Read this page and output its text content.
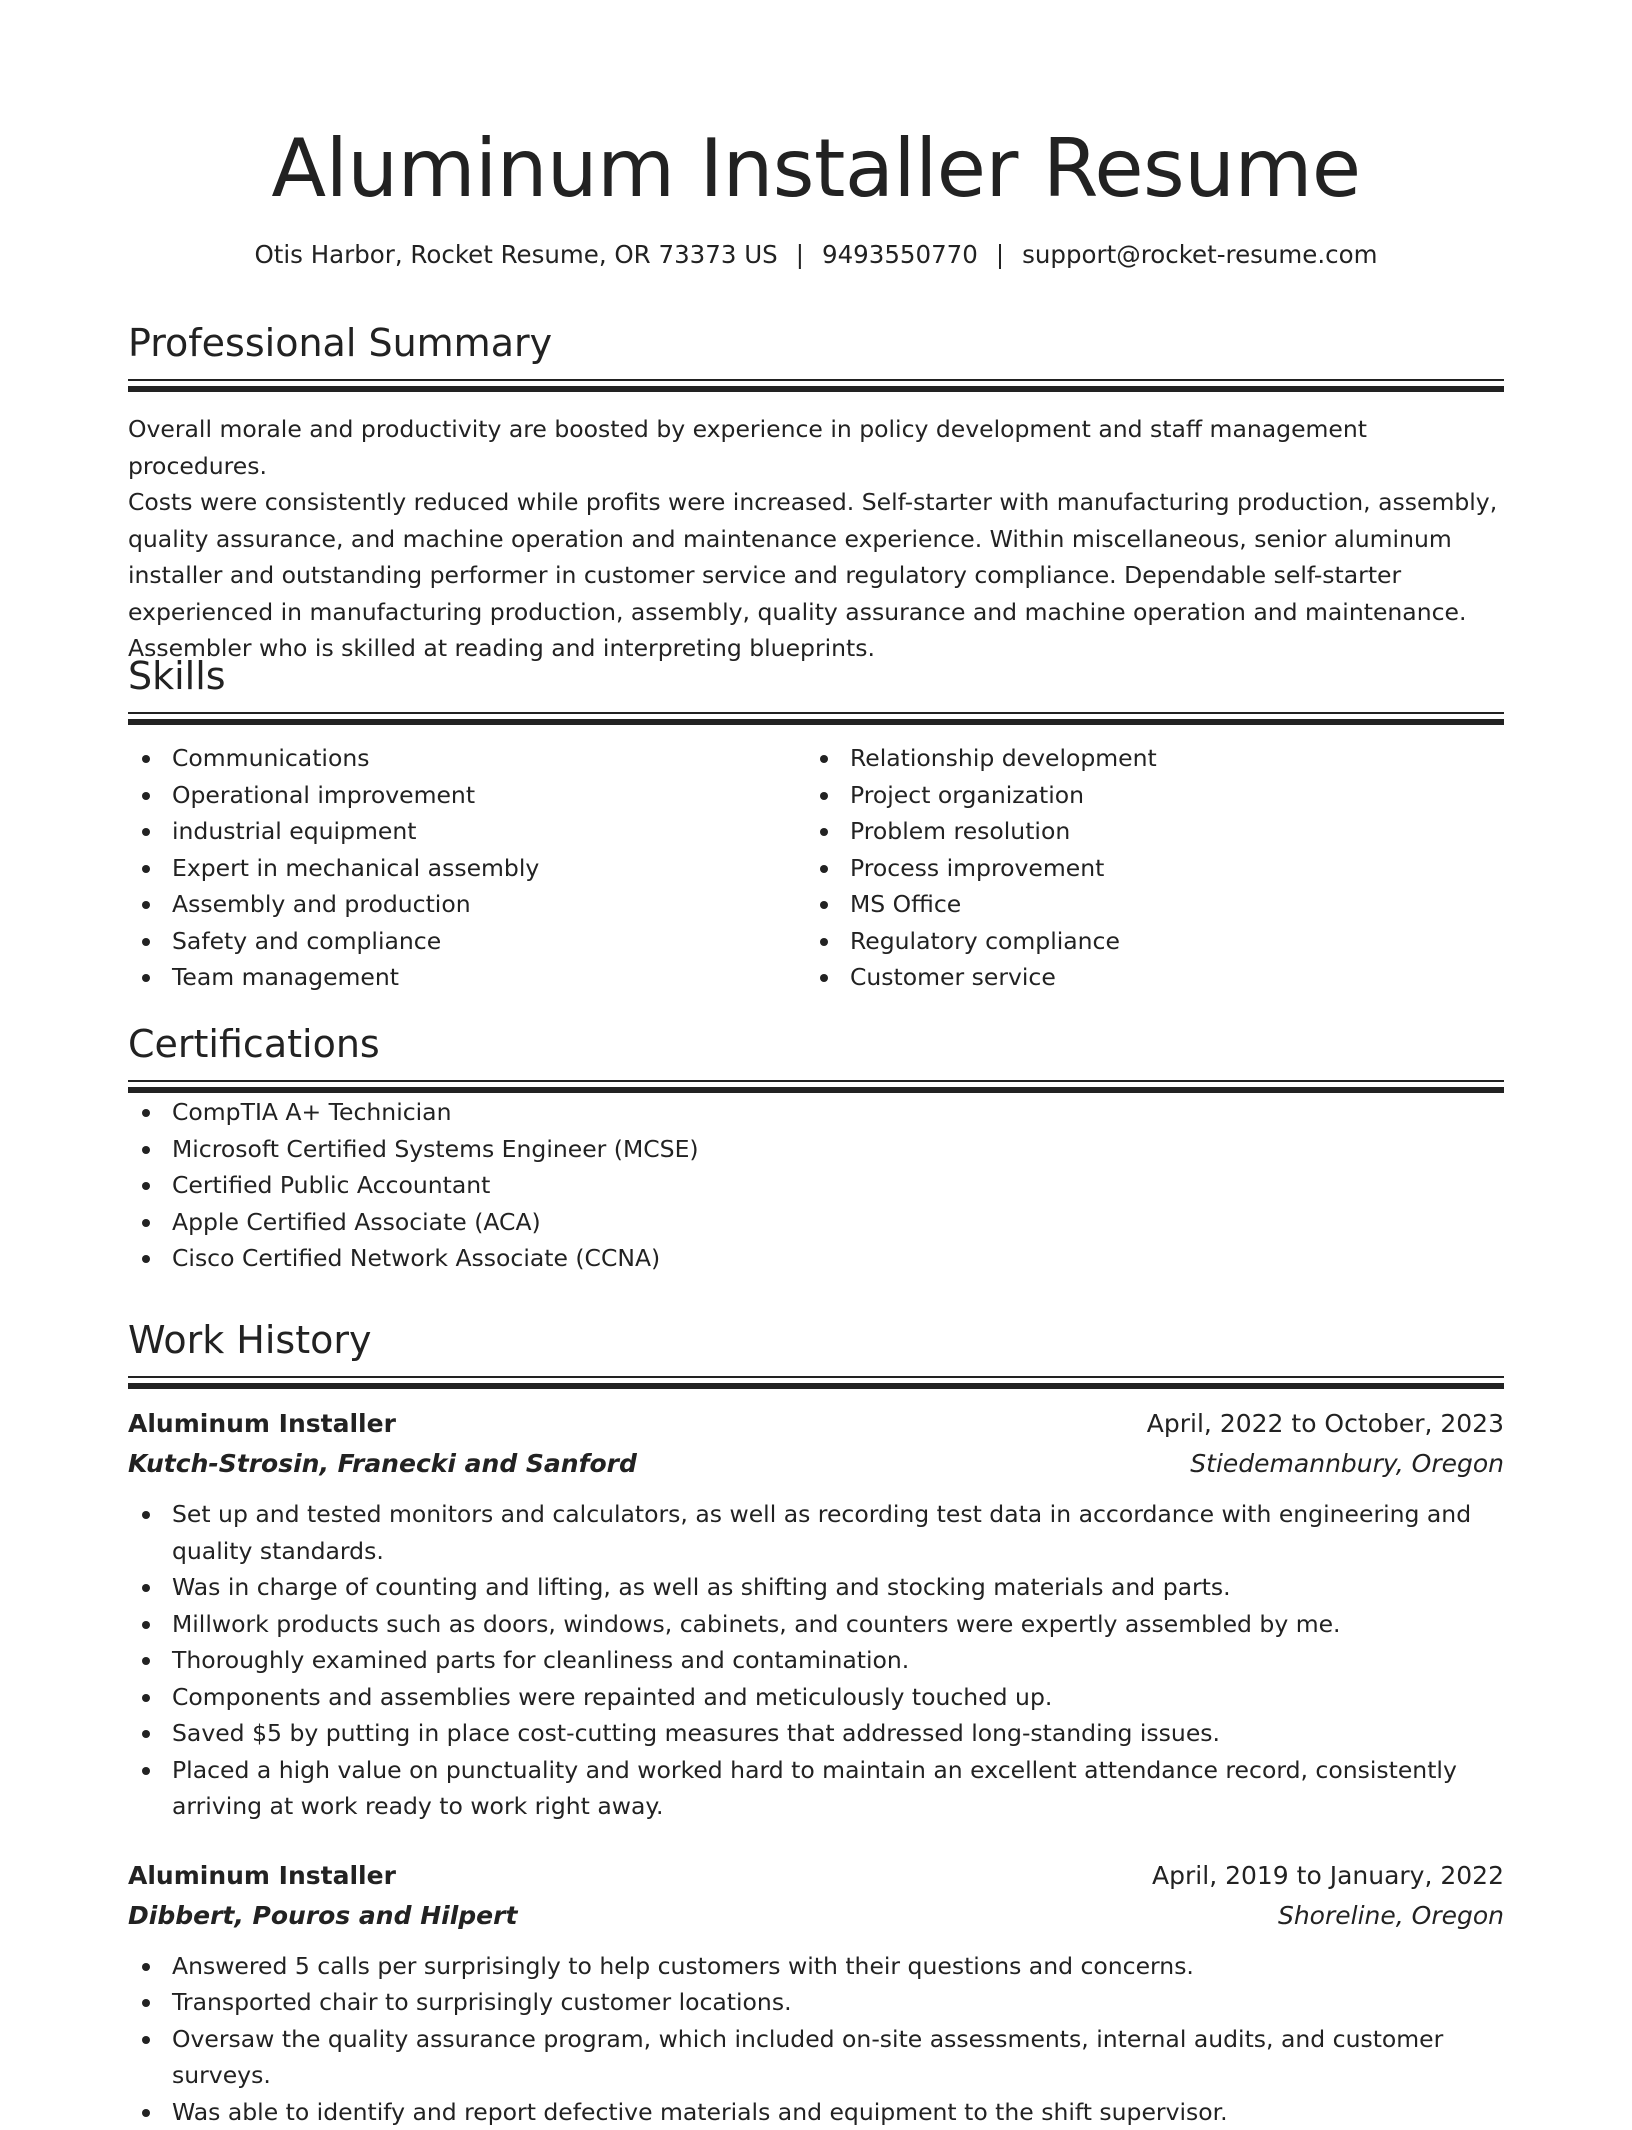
Aluminum Installer Resume
Otis Harbor, Rocket Resume, OR 73373 US | 9493550770 | support@rocket-resume.com
Professional Summary

Overall morale and productivity are boosted by experience in policy development and staff management procedures.
Costs were consistently reduced while profits were increased. Self-starter with manufacturing production, assembly,
quality assurance, and machine operation and maintenance experience. Within miscellaneous, senior aluminum
installer and outstanding performer in customer service and regulatory compliance. Dependable self-starter
experienced in manufacturing production, assembly, quality assurance and machine operation and maintenance.
Assembler who is skilled at reading and interpreting blueprints.

Skills
Communications
Operational improvement
industrial equipment
Expert in mechanical assembly
Assembly and production
Safety and compliance
Team management
Relationship development
Project organization
Problem resolution
Process improvement
MS Office
Regulatory compliance
Customer service
Certifications
CompTIA A+ Technician
Microsoft Certified Systems Engineer (MCSE)
Certified Public Accountant
Apple Certified Associate (ACA)
Cisco Certified Network Associate (CCNA)
Work History
Aluminum Installer	April, 2022 to October, 2023
Kutch-Strosin, Franecki and Sanford	Stiedemannbury, Oregon
Set up and tested monitors and calculators, as well as recording test data in accordance with engineering and quality standards.
Was in charge of counting and lifting, as well as shifting and stocking materials and parts.
Millwork products such as doors, windows, cabinets, and counters were expertly assembled by me.
Thoroughly examined parts for cleanliness and contamination.
Components and assemblies were repainted and meticulously touched up.
Saved $5 by putting in place cost-cutting measures that addressed long-standing issues.
Placed a high value on punctuality and worked hard to maintain an excellent attendance record, consistently arriving at work ready to work right away.
Aluminum Installer	April, 2019 to January, 2022
Dibbert, Pouros and Hilpert	Shoreline, Oregon
Answered 5 calls per surprisingly to help customers with their questions and concerns.
Transported chair to surprisingly customer locations.
Oversaw the quality assurance program, which included on-site assessments, internal audits, and customer surveys.
Was able to identify and report defective materials and equipment to the shift supervisor.
